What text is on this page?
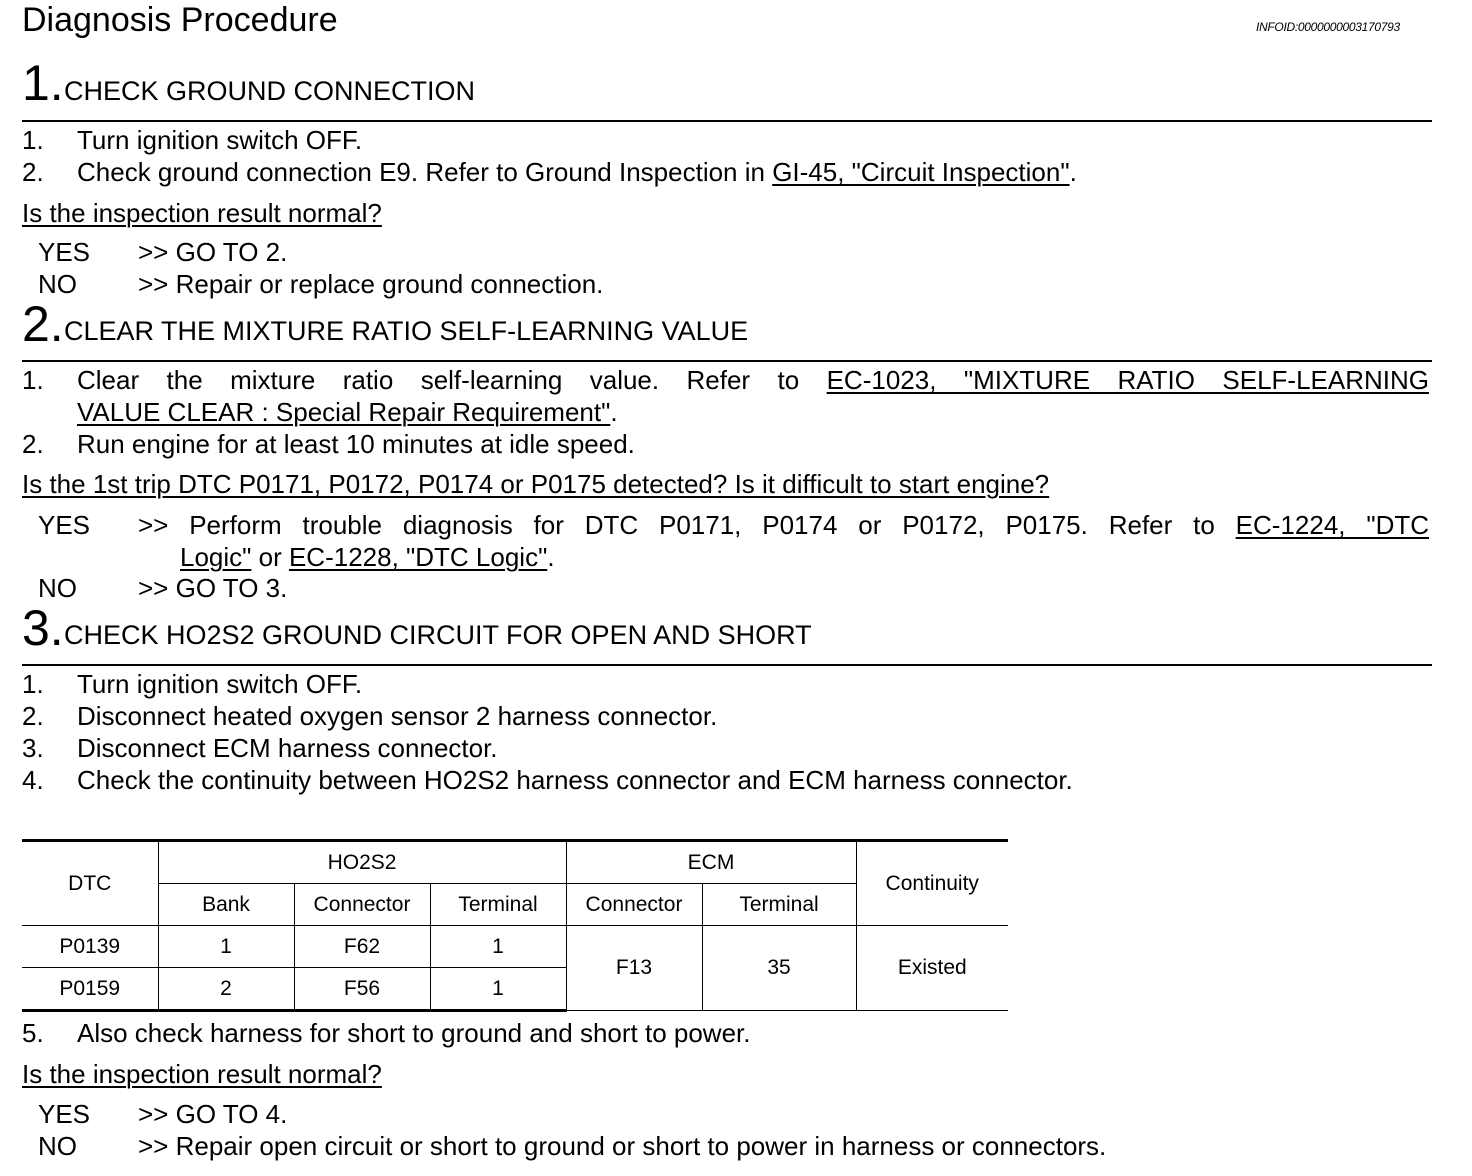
Diagnosis Procedure	INFOID:0000000003170793
1. CHECK GROUND CONNECTION
1. Turn ignition switch OFF.
2. Check ground connection E9. Refer to Ground Inspection in GI-45, "Circuit Inspection".
Is the inspection result normal?
YES >> GO TO 2.
NO >> Repair or replace ground connection.
2. CLEAR THE MIXTURE RATIO SELF-LEARNING VALUE
1. Clear the mixture ratio self-learning value. Refer to EC-1023, "MIXTURE RATIO SELF-LEARNING
VALUE CLEAR : Special Repair Requirement".
2. Run engine for at least 10 minutes at idle speed.
Is the 1st trip DTC P0171, P0172, P0174 or P0175 detected? Is it difficult to start engine?
YES >> Perform trouble diagnosis for DTC P0171, P0174 or P0172, P0175. Refer to EC-1224, "DTC
Logic" or EC-1228, "DTC Logic".
NO >> GO TO 3.
3. CHECK HO2S2 GROUND CIRCUIT FOR OPEN AND SHORT
1. Turn ignition switch OFF.
2. Disconnect heated oxygen sensor 2 harness connector.
3. Disconnect ECM harness connector.
4. Check the continuity between HO2S2 harness connector and ECM harness connector.
DTC	HO2S2			ECM		Continuity
	Bank	Connector	Terminal	Connector	Terminal	
P0139	1	F62	1	F13	35	Existed
P0159	2	F56	1			
5. Also check harness for short to ground and short to power.
Is the inspection result normal?
YES >> GO TO 4.
NO >> Repair open circuit or short to ground or short to power in harness or connectors.
